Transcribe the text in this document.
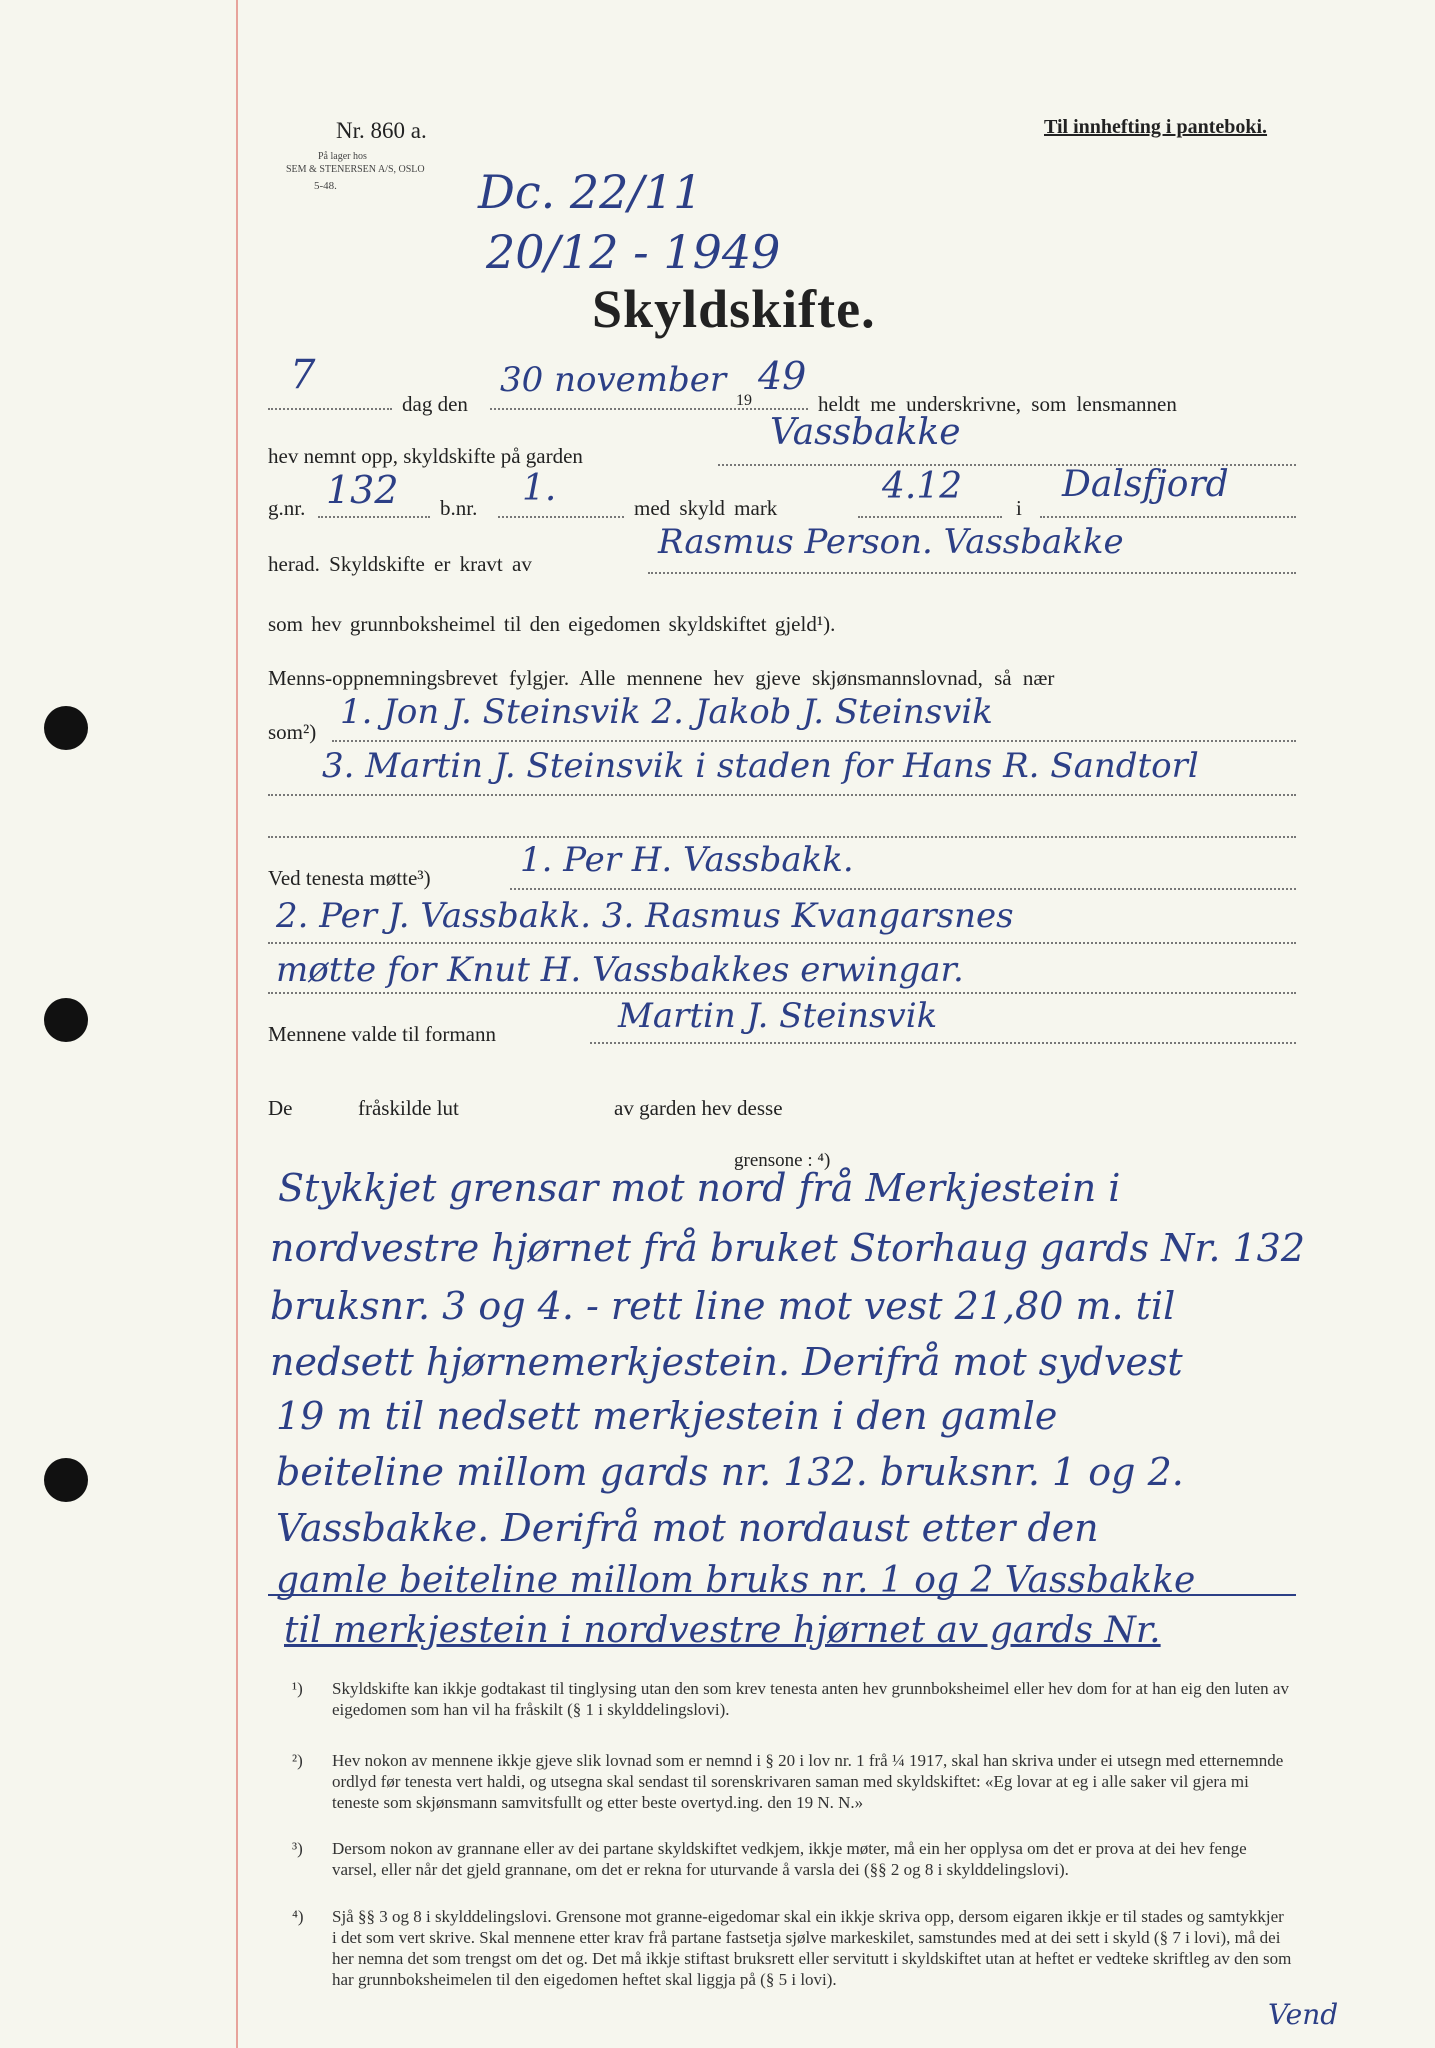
Nr. 860 a.
På lager hos
SEM & STENERSEN A/S, OSLO
5-48.
Til innhefting i panteboki.
Dc. 22/11
20/12 - 1949
Skyldskifte.
7
dag den
30 november
19
49
heldt me underskrivne, som lensmannen
hev nemnt opp, skyldskifte på garden
Vassbakke
g.nr. 132 b.nr. 1.	med skyld mark
4.12
i
Dalsfjord
herad. Skyldskifte er kravt av
Rasmus Person. Vassbakke
som hev grunnboksheimel til den eigedomen skyldskiftet gjeld¹).
Menns-oppnemningsbrevet fylgjer. Alle mennene hev gjeve skjønsmannslovnad, så nær
som²) 1. Jon J. Steinsvik 2. Jakob J. Steinsvik
3. Martin J. Steinsvik i staden for Hans R. Sandtorl
Ved tenesta møtte³)	1. Per H. Vassbakk.
2. Per J. Vassbakk. 3. Rasmus Kvangarsnes
møtte for Knut H. Vassbakkes erwingar.
Mennene valde til formann	Martin J. Steinsvik
De	fråskilde lut	av garden hev desse
grensone : ⁴)
Stykkjet grensar mot nord frå Merkjestein i
nordvestre hjørnet frå bruket Storhaug gards Nr. 132
bruksnr. 3 og 4. - rett line mot vest 21,80 m. til
nedsett hjørnemerkjestein. Derifrå mot sydvest
19 m til nedsett merkjestein i den gamle
beiteline millom gards nr. 132. bruksnr. 1 og 2.
Vassbakke. Derifrå mot nordaust etter den
gamle beiteline millom bruks nr. 1 og 2 Vassbakke
til merkjestein i nordvestre hjørnet av gards Nr.
¹) Skyldskifte kan ikkje godtakast til tinglysing utan den som krev tenesta anten hev grunnboksheimel eller hev dom for at han eig den luten av eigedomen som han vil ha fråskilt (§ 1 i skylddelingslovi).
²) Hev nokon av mennene ikkje gjeve slik lovnad som er nemnd i § 20 i lov nr. 1 frå ¼ 1917, skal han skriva under ei utsegn med etternemnde ordlyd før tenesta vert haldi, og utsegna skal sendast til sorenskrivaren saman med skyldskiftet: «Eg lovar at eg i alle saker vil gjera mi teneste som skjønsmann samvitsfullt og etter beste overtyd.ing. den 19 N. N.»
³) Dersom nokon av grannane eller av dei partane skyldskiftet vedkjem, ikkje møter, må ein her opplysa om det er prova at dei hev fenge varsel, eller når det gjeld grannane, om det er rekna for uturvande å varsla dei (§§ 2 og 8 i skylddelingslovi).
⁴) Sjå §§ 3 og 8 i skylddelingslovi. Grensone mot granne-eigedomar skal ein ikkje skriva opp, dersom eigaren ikkje er til stades og samtykkjer i det som vert skrive. Skal mennene etter krav frå partane fastsetja sjølve markeskilet, samstundes med at dei sett i skyld (§ 7 i lovi), må dei her nemna det som trengst om det og. Det må ikkje stiftast bruksrett eller servitutt i skyldskiftet utan at heftet er vedteke skriftleg av den som har grunnboksheimelen til den eigedomen heftet skal liggja på (§ 5 i lovi).
Vend
